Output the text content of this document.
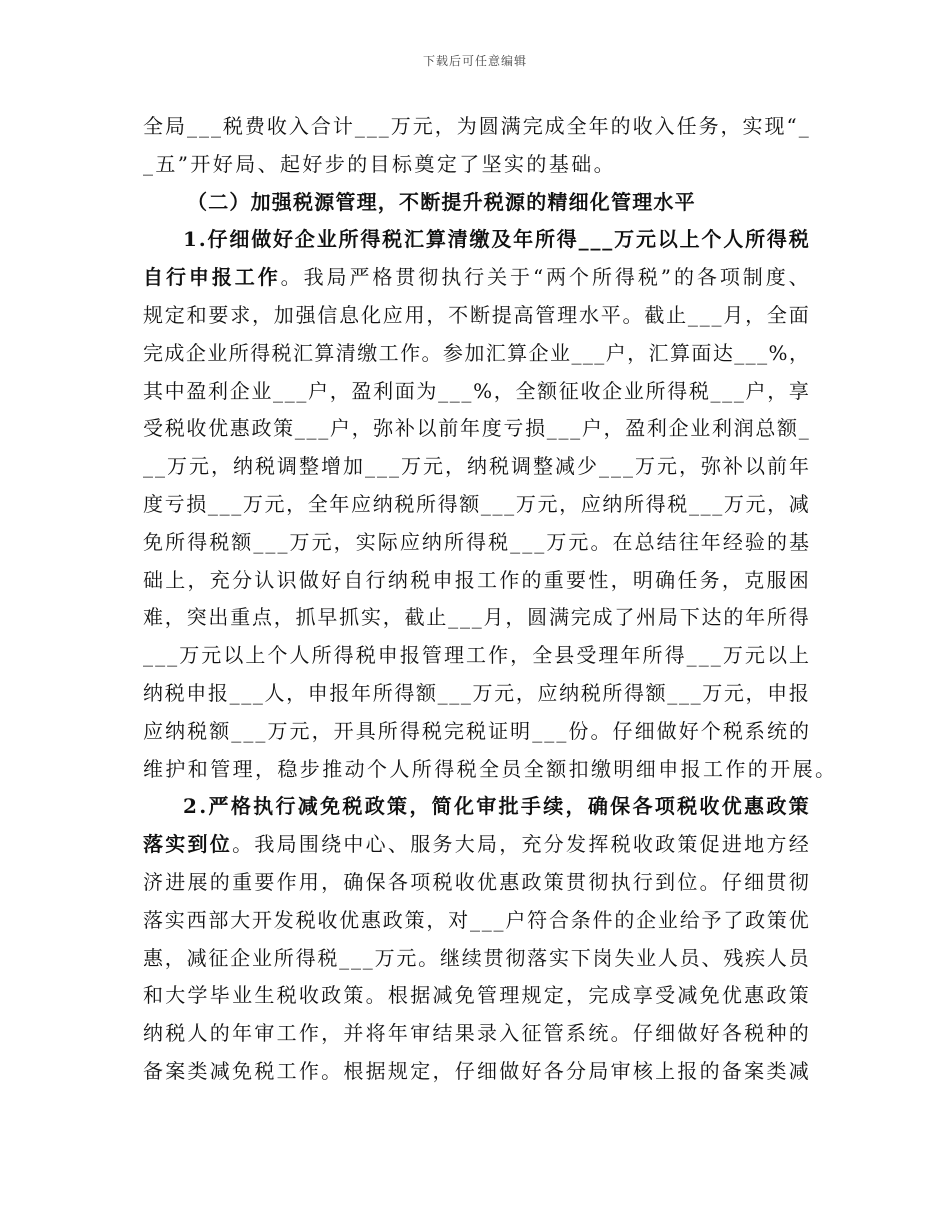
下载后可任意编辑
全 局 _ _ _ 税 费 收 入 合 计 _ _ _ 万 元 ， 为 圆 满 完 成 全 年 的 收 入 任 务 ， 实 现 “ _
_五”开好局、起好步的目标奠定了坚实的基础。
（二）加强税源管理，不断提升税源的精细化管理水平
1 . 仔 细 做 好 企 业 所 得 税 汇 算 清 缴 及 年 所 得 _ _ _ 万 元 以 上 个 人 所 得 税
自 行 申 报 工 作 。 我 局 严 格 贯 彻 执 行 关 于 “ 两 个 所 得 税 ” 的 各 项 制 度 、
规 定 和 要 求 ， 加 强 信 息 化 应 用 ， 不 断 提 高 管 理 水 平 。 截 止 _ _ _ 月 ， 全 面
完 成 企 业 所 得 税 汇 算 清 缴 工 作 。 参 加 汇 算 企 业 _ _ _ 户 ， 汇 算 面 达 _ _ _ % ，
其 中 盈 利 企 业 _ _ _ 户 ， 盈 利 面 为 _ _ _ % ， 全 额 征 收 企 业 所 得 税 _ _ _ 户 ， 享
受 税 收 优 惠 政 策 _ _ _ 户 ， 弥 补 以 前 年 度 亏 损 _ _ _ 户 ， 盈 利 企 业 利 润 总 额 _
_ _ 万 元 ， 纳 税 调 整 增 加 _ _ _ 万 元 ， 纳 税 调 整 减 少 _ _ _ 万 元 ， 弥 补 以 前 年
度 亏 损 _ _ _ 万 元 ， 全 年 应 纳 税 所 得 额 _ _ _ 万 元 ， 应 纳 所 得 税 _ _ _ 万 元 ， 减
免 所 得 税 额 _ _ _ 万 元 ， 实 际 应 纳 所 得 税 _ _ _ 万 元 。 在 总 结 往 年 经 验 的 基
础 上 ， 充 分 认 识 做 好 自 行 纳 税 申 报 工 作 的 重 要 性 ， 明 确 任 务 ， 克 服 困
难 ， 突 出 重 点 ， 抓 早 抓 实 ， 截 止 _ _ _ 月 ， 圆 满 完 成 了 州 局 下 达 的 年 所 得
_ _ _ 万 元 以 上 个 人 所 得 税 申 报 管 理 工 作 ， 全 县 受 理 年 所 得 _ _ _ 万 元 以 上
纳 税 申 报 _ _ _ 人 ， 申 报 年 所 得 额 _ _ _ 万 元 ， 应 纳 税 所 得 额 _ _ _ 万 元 ， 申 报
应 纳 税 额 _ _ _ 万 元 ， 开 具 所 得 税 完 税 证 明 _ _ _ 份 。 仔 细 做 好 个 税 系 统 的
维护和管理，稳步推动个人所得税全员全额扣缴明细申报工作的开展。
2 . 严 格 执 行 减 免 税 政 策 ， 简 化 审 批 手 续 ， 确 保 各 项 税 收 优 惠 政 策
落 实 到 位 。 我 局 围 绕 中 心 、 服 务 大 局 ， 充 分 发 挥 税 收 政 策 促 进 地 方 经
济 进 展 的 重 要 作 用 ， 确 保 各 项 税 收 优 惠 政 策 贯 彻 执 行 到 位 。 仔 细 贯 彻
落 实 西 部 大 开 发 税 收 优 惠 政 策 ， 对 _ _ _ 户 符 合 条 件 的 企 业 给 予 了 政 策 优
惠 ， 减 征 企 业 所 得 税 _ _ _ 万 元 。 继 续 贯 彻 落 实 下 岗 失 业 人 员 、 残 疾 人 员
和 大 学 毕 业 生 税 收 政 策 。 根 据 减 免 管 理 规 定 ， 完 成 享 受 减 免 优 惠 政 策
纳 税 人 的 年 审 工 作 ， 并 将 年 审 结 果 录 入 征 管 系 统 。 仔 细 做 好 各 税 种 的
备 案 类 减 免 税 工 作 。 根 据 规 定 ， 仔 细 做 好 各 分 局 审 核 上 报 的 备 案 类 减
